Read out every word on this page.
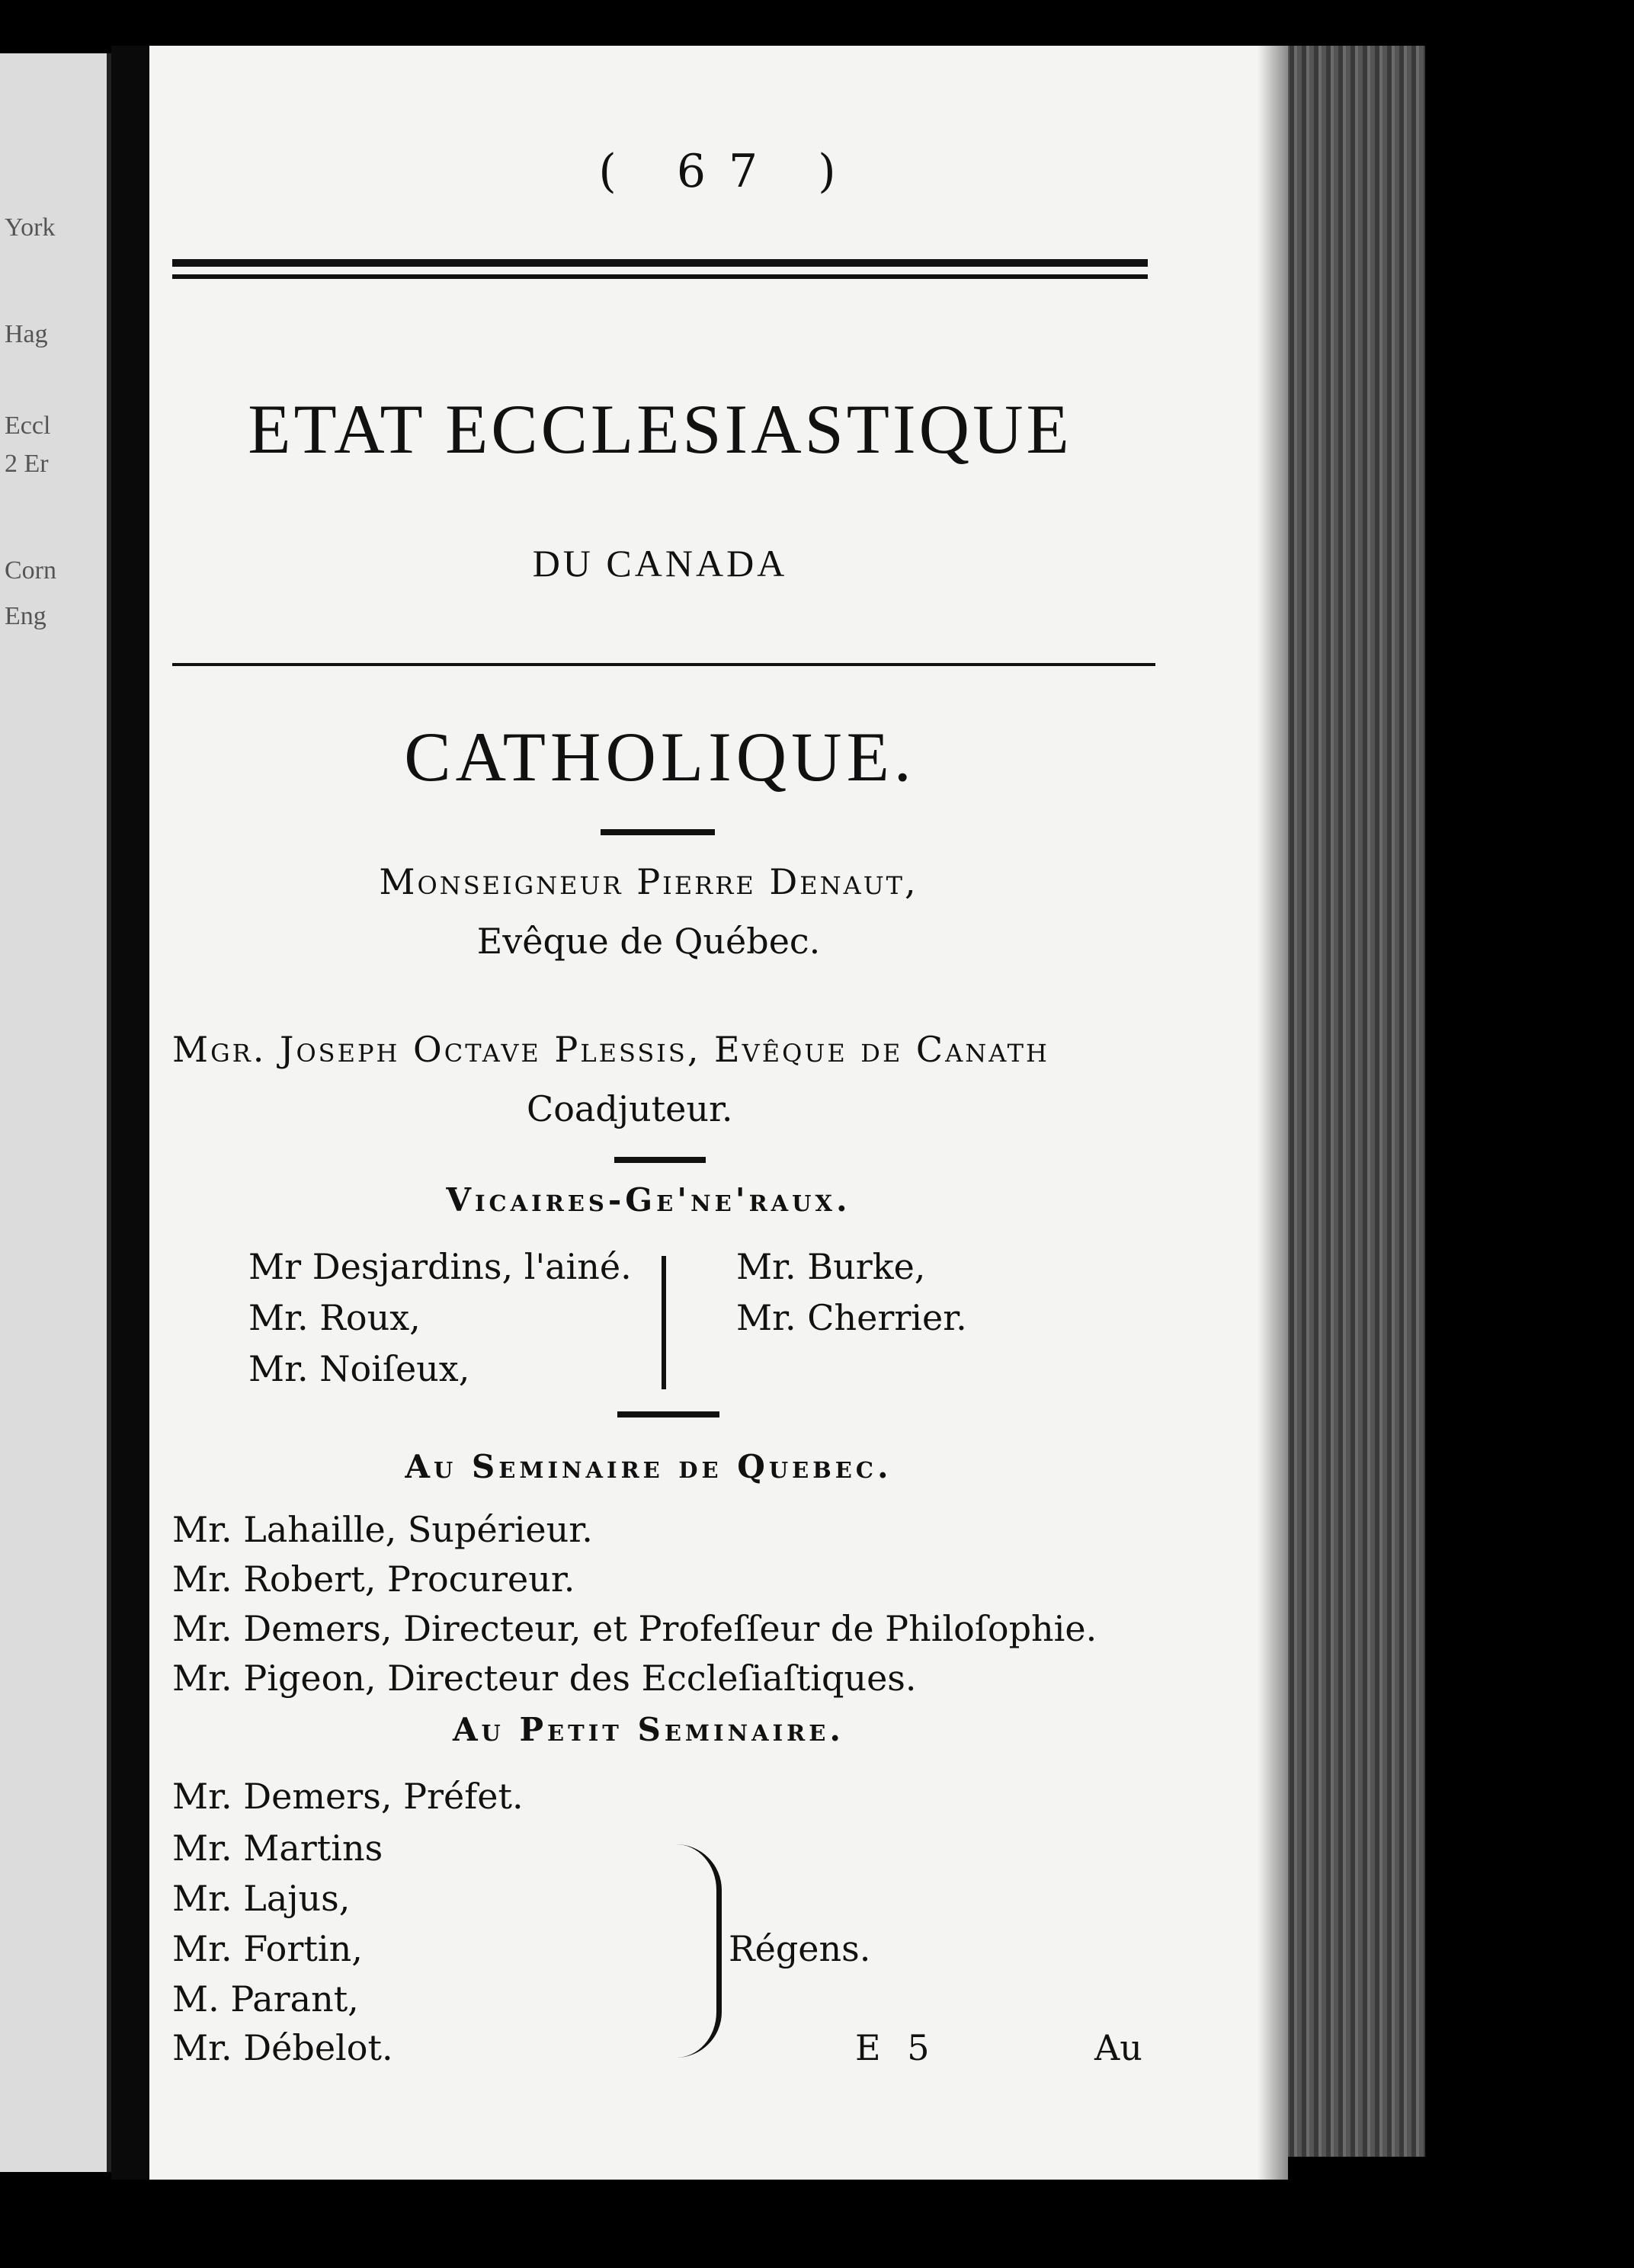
York
Hag
Eccl
2 Er
Corn
Eng
( 67 )
ETAT ECCLESIASTIQUE
DU CANADA
CATHOLIQUE.
Monſeigneur Pierre Denaut,
Evêque de Québec.
Mgr. Joseph Octave Plessis, Evêque de Canath
Coadjuteur.
Vicaires-Ge'ne'raux.
Mr Desjardins, l'ainé.
Mr. Roux,
Mr. Noiſeux,
Mr. Burke,
Mr. Cherrier.
Au Seminaire de Quebec.
Mr. Lahaille, Supérieur.
Mr. Robert, Procureur.
Mr. Demers, Directeur, et Profeſſeur de Philoſophie.
Mr. Pigeon, Directeur des Eccleſiaſtiques.
Au Petit Seminaire.
Mr. Demers, Préfet.
Mr. Martins
Mr. Lajus,
Mr. Fortin,
M. Parant,
Mr. Débelot.
Régens.
E 5	Au
